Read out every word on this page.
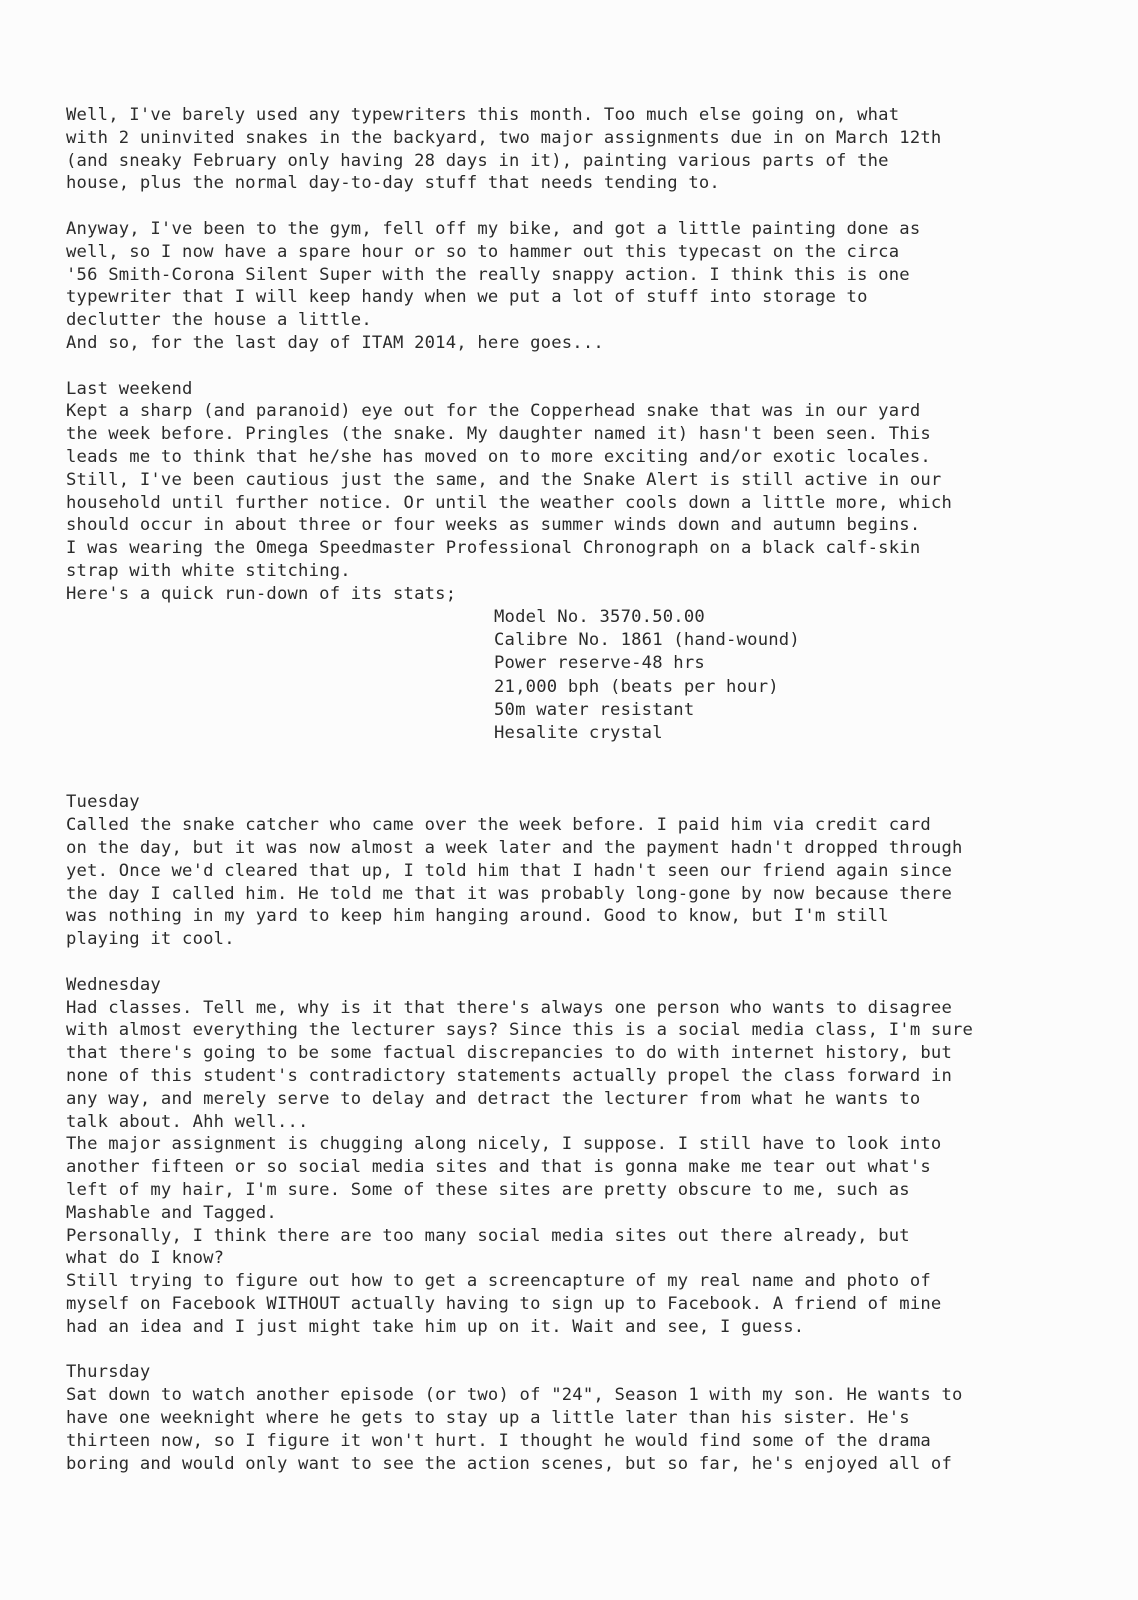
Well, I've barely used any typewriters this month. Too much else going on, what
with 2 uninvited snakes in the backyard, two major assignments due in on March 12th
(and sneaky February only having 28 days in it), painting various parts of the
house, plus the normal day-to-day stuff that needs tending to.
Anyway, I've been to the gym, fell off my bike, and got a little painting done as
well, so I now have a spare hour or so to hammer out this typecast on the circa
'56 Smith-Corona Silent Super with the really snappy action. I think this is one
typewriter that I will keep handy when we put a lot of stuff into storage to
declutter the house a little.
And so, for the last day of ITAM 2014, here goes...
Last weekend
Kept a sharp (and paranoid) eye out for the Copperhead snake that was in our yard
the week before. Pringles (the snake. My daughter named it) hasn't been seen. This
leads me to think that he/she has moved on to more exciting and/or exotic locales.
Still, I've been cautious just the same, and the Snake Alert is still active in our
household until further notice. Or until the weather cools down a little more, which
should occur in about three or four weeks as summer winds down and autumn begins.
I was wearing the Omega Speedmaster Professional Chronograph on a black calf-skin
strap with white stitching.
Here's a quick run-down of its stats;
Model No. 3570.50.00
Calibre No. 1861 (hand-wound)
Power reserve-48 hrs
21,000 bph (beats per hour)
50m water resistant
Hesalite crystal
Tuesday
Called the snake catcher who came over the week before. I paid him via credit card
on the day, but it was now almost a week later and the payment hadn't dropped through
yet. Once we'd cleared that up, I told him that I hadn't seen our friend again since
the day I called him. He told me that it was probably long-gone by now because there
was nothing in my yard to keep him hanging around. Good to know, but I'm still
playing it cool.
Wednesday
Had classes. Tell me, why is it that there's always one person who wants to disagree
with almost everything the lecturer says? Since this is a social media class, I'm sure
that there's going to be some factual discrepancies to do with internet history, but
none of this student's contradictory statements actually propel the class forward in
any way, and merely serve to delay and detract the lecturer from what he wants to
talk about. Ahh well...
The major assignment is chugging along nicely, I suppose. I still have to look into
another fifteen or so social media sites and that is gonna make me tear out what's
left of my hair, I'm sure. Some of these sites are pretty obscure to me, such as
Mashable and Tagged.
Personally, I think there are too many social media sites out there already, but
what do I know?
Still trying to figure out how to get a screencapture of my real name and photo of
myself on Facebook WITHOUT actually having to sign up to Facebook. A friend of mine
had an idea and I just might take him up on it. Wait and see, I guess.
Thursday
Sat down to watch another episode (or two) of "24", Season 1 with my son. He wants to
have one weeknight where he gets to stay up a little later than his sister. He's
thirteen now, so I figure it won't hurt. I thought he would find some of the drama
boring and would only want to see the action scenes, but so far, he's enjoyed all of
